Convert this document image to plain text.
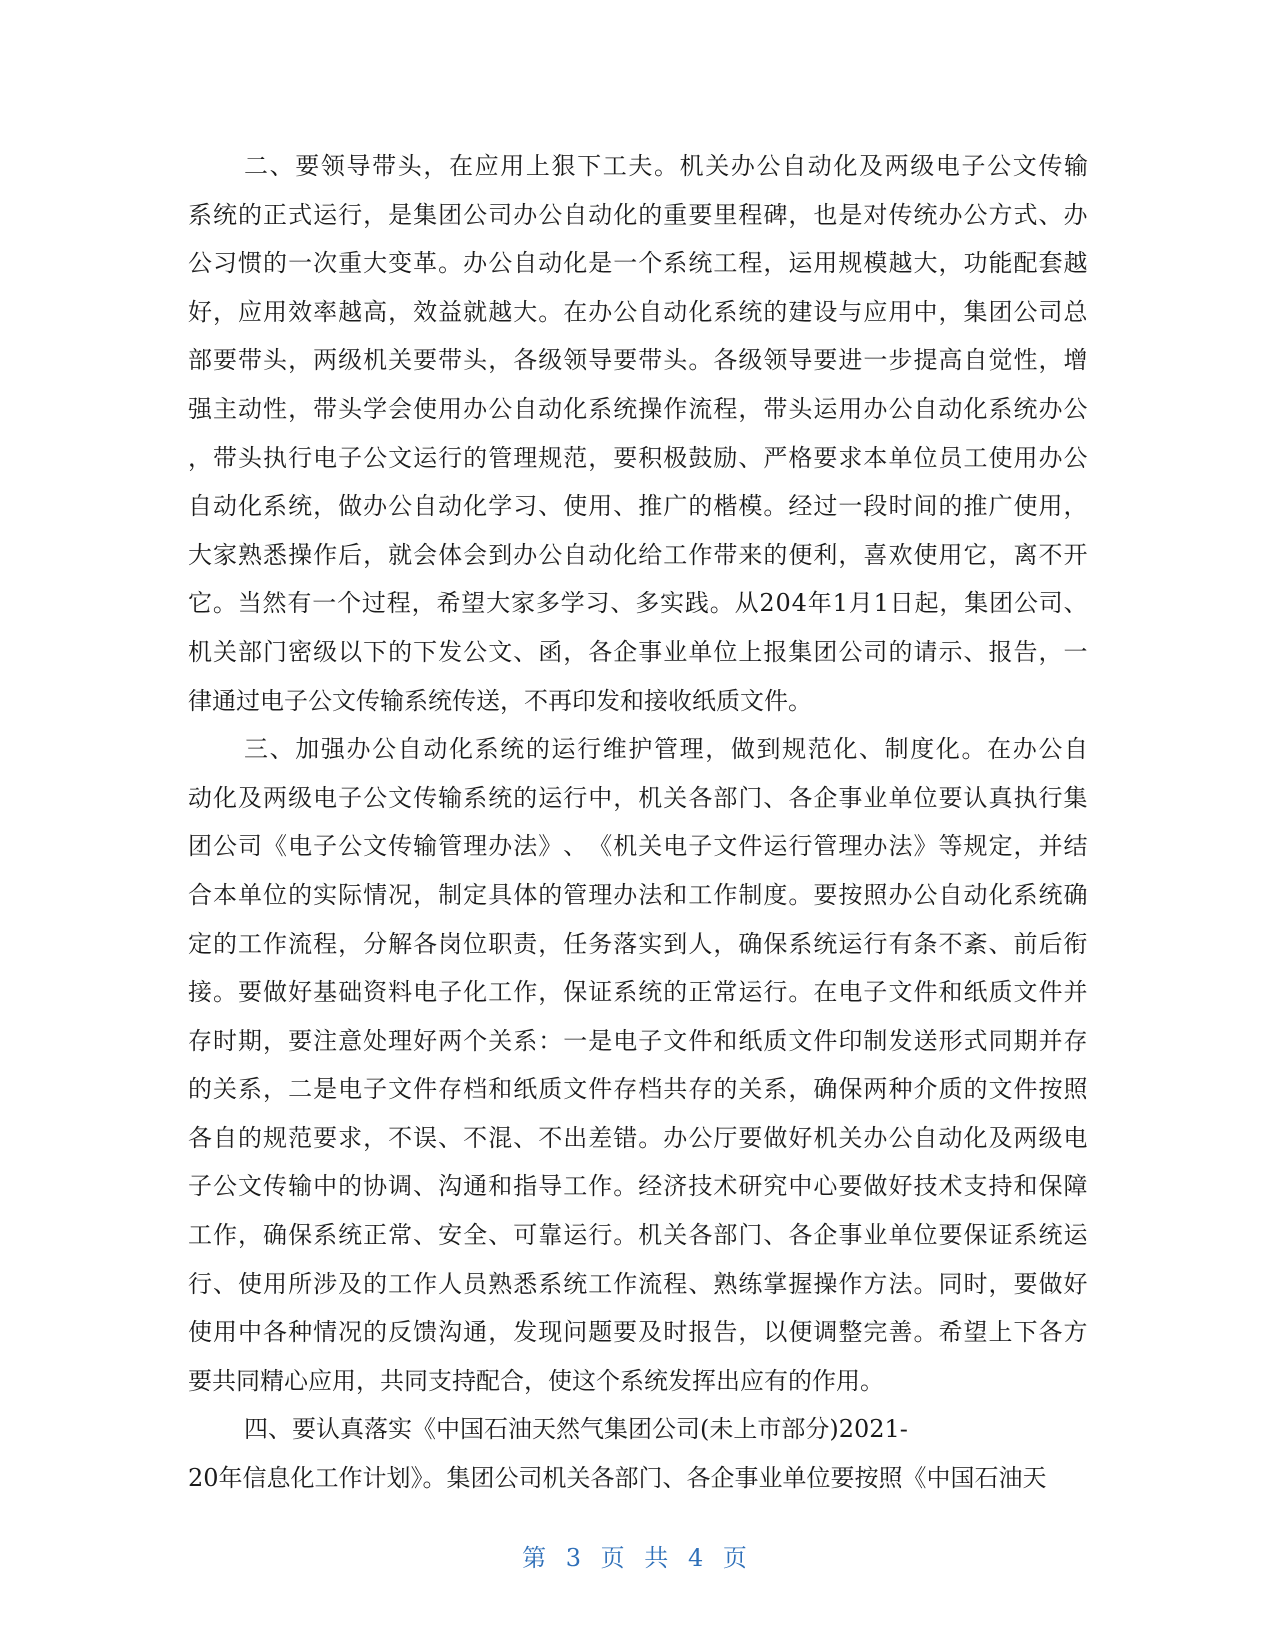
二 、 要 领 导 带 头 ， 在 应 用 上 狠 下 工 夫 。 机 关 办 公 自 动 化 及 两 级 电 子 公 文 传 输
系 统 的 正 式 运 行 ， 是 集 团 公 司 办 公 自 动 化 的 重 要 里 程 碑 ， 也 是 对 传 统 办 公 方 式 、 办
公 习 惯 的 一 次 重 大 变 革 。 办 公 自 动 化 是 一 个 系 统 工 程 ， 运 用 规 模 越 大 ， 功 能 配 套 越
好 ， 应 用 效 率 越 高 ， 效 益 就 越 大 。 在 办 公 自 动 化 系 统 的 建 设 与 应 用 中 ， 集 团 公 司 总
部 要 带 头 ， 两 级 机 关 要 带 头 ， 各 级 领 导 要 带 头 。 各 级 领 导 要 进 一 步 提 高 自 觉 性 ， 增
强 主 动 性 ， 带 头 学 会 使 用 办 公 自 动 化 系 统 操 作 流 程 ， 带 头 运 用 办 公 自 动 化 系 统 办 公
， 带 头 执 行 电 子 公 文 运 行 的 管 理 规 范 ， 要 积 极 鼓 励 、 严 格 要 求 本 单 位 员 工 使 用 办 公
自 动 化 系 统 ， 做 办 公 自 动 化 学 习 、 使 用 、 推 广 的 楷 模 。 经 过 一 段 时 间 的 推 广 使 用 ，
大 家 熟 悉 操 作 后 ， 就 会 体 会 到 办 公 自 动 化 给 工 作 带 来 的 便 利 ， 喜 欢 使 用 它 ， 离 不 开
它 。 当 然 有 一 个 过 程 ， 希 望 大 家 多 学 习 、 多 实 践 。 从 2 0 4 年 1 月 1 日 起 ， 集 团 公 司 、
机 关 部 门 密 级 以 下 的 下 发 公 文 、 函 ， 各 企 事 业 单 位 上 报 集 团 公 司 的 请 示 、 报 告 ， 一
律通过电子公文传输系统传送，不再印发和接收纸质文件。
三 、 加 强 办 公 自 动 化 系 统 的 运 行 维 护 管 理 ， 做 到 规 范 化 、 制 度 化 。 在 办 公 自
动 化 及 两 级 电 子 公 文 传 输 系 统 的 运 行 中 ， 机 关 各 部 门 、 各 企 事 业 单 位 要 认 真 执 行 集
团 公 司 《 电 子 公 文 传 输 管 理 办 法 》 、 《 机 关 电 子 文 件 运 行 管 理 办 法 》 等 规 定 ， 并 结
合 本 单 位 的 实 际 情 况 ， 制 定 具 体 的 管 理 办 法 和 工 作 制 度 。 要 按 照 办 公 自 动 化 系 统 确
定 的 工 作 流 程 ， 分 解 各 岗 位 职 责 ， 任 务 落 实 到 人 ， 确 保 系 统 运 行 有 条 不 紊 、 前 后 衔
接 。 要 做 好 基 础 资 料 电 子 化 工 作 ， 保 证 系 统 的 正 常 运 行 。 在 电 子 文 件 和 纸 质 文 件 并
存 时 期 ， 要 注 意 处 理 好 两 个 关 系 ： 一 是 电 子 文 件 和 纸 质 文 件 印 制 发 送 形 式 同 期 并 存
的 关 系 ， 二 是 电 子 文 件 存 档 和 纸 质 文 件 存 档 共 存 的 关 系 ， 确 保 两 种 介 质 的 文 件 按 照
各 自 的 规 范 要 求 ， 不 误 、 不 混 、 不 出 差 错 。 办 公 厅 要 做 好 机 关 办 公 自 动 化 及 两 级 电
子 公 文 传 输 中 的 协 调 、 沟 通 和 指 导 工 作 。 经 济 技 术 研 究 中 心 要 做 好 技 术 支 持 和 保 障
工 作 ， 确 保 系 统 正 常 、 安 全 、 可 靠 运 行 。 机 关 各 部 门 、 各 企 事 业 单 位 要 保 证 系 统 运
行 、 使 用 所 涉 及 的 工 作 人 员 熟 悉 系 统 工 作 流 程 、 熟 练 掌 握 操 作 方 法 。 同 时 ， 要 做 好
使 用 中 各 种 情 况 的 反 馈 沟 通 ， 发 现 问 题 要 及 时 报 告 ， 以 便 调 整 完 善 。 希 望 上 下 各 方
要共同精心应用，共同支持配合，使这个系统发挥出应有的作用。
四、要认真落实《中国石油天然气集团公司(未上市部分)2021-
20年信息化工作计划》。集团公司机关各部门、各企事业单位要按照《中国石油天
第 3 页 共 4 页
